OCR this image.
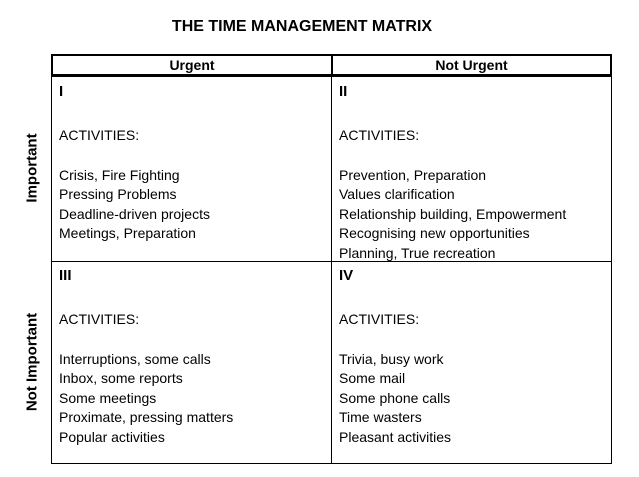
THE TIME MANAGEMENT MATRIX
Urgent	Not Urgent
Important
Not Important
I
ACTIVITIES:
Crisis, Fire Fighting
Pressing Problems
Deadline-driven projects
Meetings, Preparation
II
ACTIVITIES:
Prevention, Preparation
Values clarification
Relationship building, Empowerment
Recognising new opportunities
Planning, True recreation
III
ACTIVITIES:
Interruptions, some calls
Inbox, some reports
Some meetings
Proximate, pressing matters
Popular activities
IV
ACTIVITIES:
Trivia, busy work
Some mail
Some phone calls
Time wasters
Pleasant activities
